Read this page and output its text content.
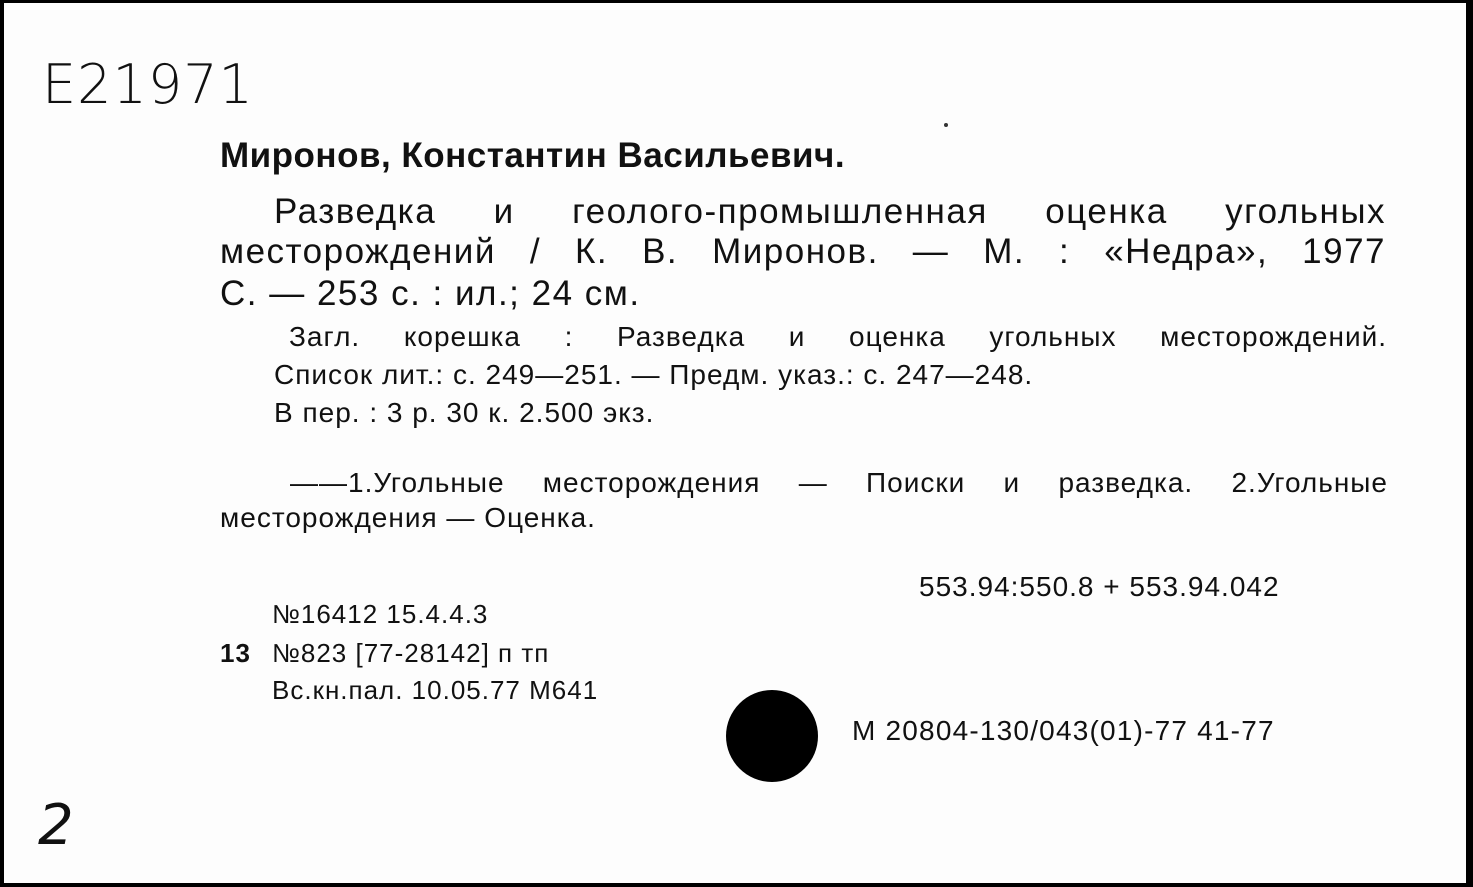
Е21971

Миронов, Константин Васильевич.

Разведка и геолого-промышленная оценка угольных

месторождений / К. В. Миронов. — М. : «Недра», 1977

С. — 253 с. : ил.; 24 см.

Загл. корешка : Разведка и оценка угольных месторождений.

Список лит.: с. 249—251. — Предм. указ.: с. 247—248.

В пер. : 3 р. 30 к. 2.500 экз.

——1.Угольные месторождения — Поиски и разведка. 2.Угольные

месторождения — Оценка.

553.94:550.8 + 553.94.042

№16412 15.4.4.3

13 №823 [77-28142] п тп

Вс.кн.пал. 10.05.77 М641

М 20804-130/043(01)-77 41-77

2
